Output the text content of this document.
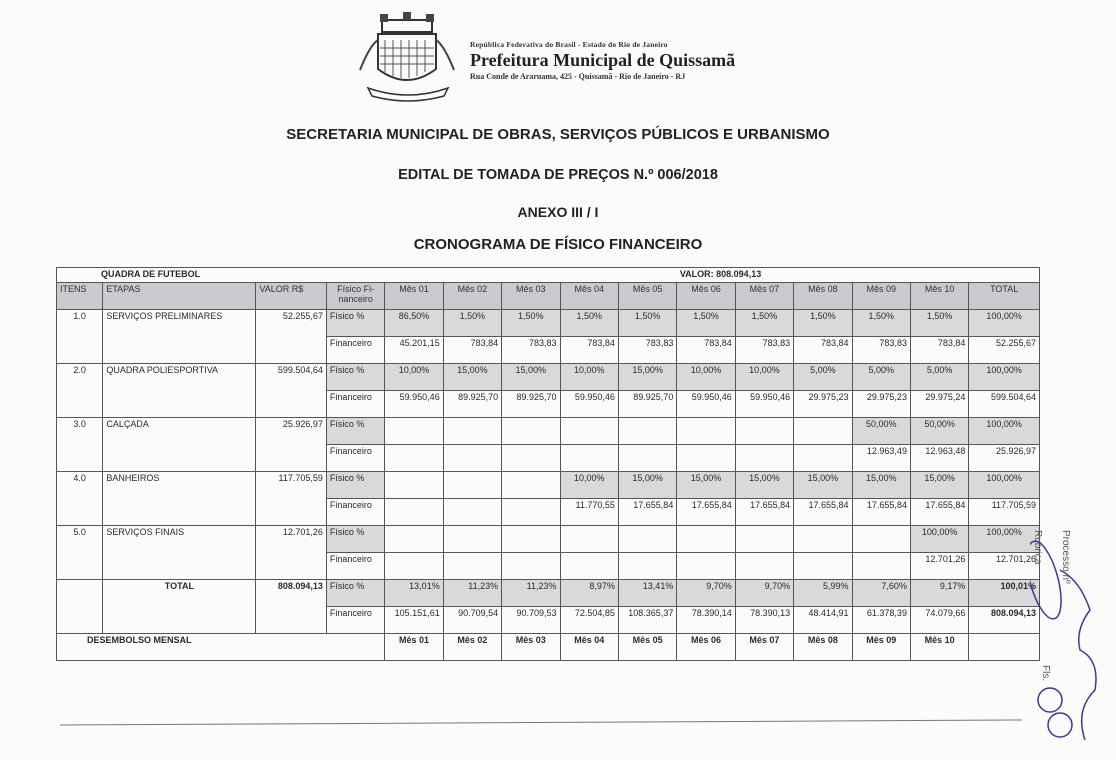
República Federativa do Brasil - Estado do Rio de Janeiro
Prefeitura Municipal de Quissamã
Rua Conde de Araruama, 425 - Quissamã - Rio de Janeiro - RJ
SECRETARIA MUNICIPAL DE OBRAS, SERVIÇOS PÚBLICOS E URBANISMO
EDITAL DE TOMADA DE PREÇOS N.º 006/2018
ANEXO III / I
CRONOGRAMA DE FÍSICO FINANCEIRO
QUADRA DE FUTEBOL									VALOR: 808.094,13					
ITENS	ETAPAS	VALOR R$	Físico Fi-nanceiro	Mês 01	Mês 02	Mês 03	Mês 04	Mês 05	Mês 06	Mês 07	Mês 08	Mês 09	Mês 10	TOTAL
1.0	SERVIÇOS PRELIMINARES	52.255,67	Físico %	86,50%	1,50%	1,50%	1,50%	1,50%	1,50%	1,50%	1,50%	1,50%	1,50%	100,00%
			Financeiro	45.201,15	783,84	783,83	783,84	783,83	783,84	783,83	783,84	783,83	783,84	52.255,67
2.0	QUADRA POLIESPORTIVA	599.504,64	Físico %	10,00%	15,00%	15,00%	10,00%	15,00%	10,00%	10,00%	5,00%	5,00%	5,00%	100,00%
			Financeiro	59.950,46	89.925,70	89.925,70	59.950,46	89.925,70	59.950,46	59.950,46	29.975,23	29.975,23	29.975,24	599.504,64
3.0	CALÇADA	25.926,97	Físico %									50,00%	50,00%	100,00%
			Financeiro									12.963,49	12.963,48	25.926,97
4.0	BANHEIROS	117.705,59	Físico %				10,00%	15,00%	15,00%	15,00%	15,00%	15,00%	15,00%	100,00%
			Financeiro				11.770,55	17.655,84	17.655,84	17.655,84	17.655,84	17.655,84	17.655,84	117.705,59
5.0	SERVIÇOS FINAIS	12.701,26	Físico %										100,00%	100,00%
			Financeiro										12.701,26	12.701,26
	TOTAL	808.094,13	Físico %	13,01%	11,23%	11,23%	8,97%	13,41%	9,70%	9,70%	5,99%	7,60%	9,17%	100,01%
			Financeiro	105.151,61	90.709,54	90.709,53	72.504,85	108.365,37	78.390,14	78.390,13	48.414,91	61.378,39	74.079,66	808.094,13
DESEMBOLSO MENSAL				Mês 01	Mês 02	Mês 03	Mês 04	Mês 05	Mês 06	Mês 07	Mês 08	Mês 09	Mês 10	
Rubrica Processo nº
Fls.
